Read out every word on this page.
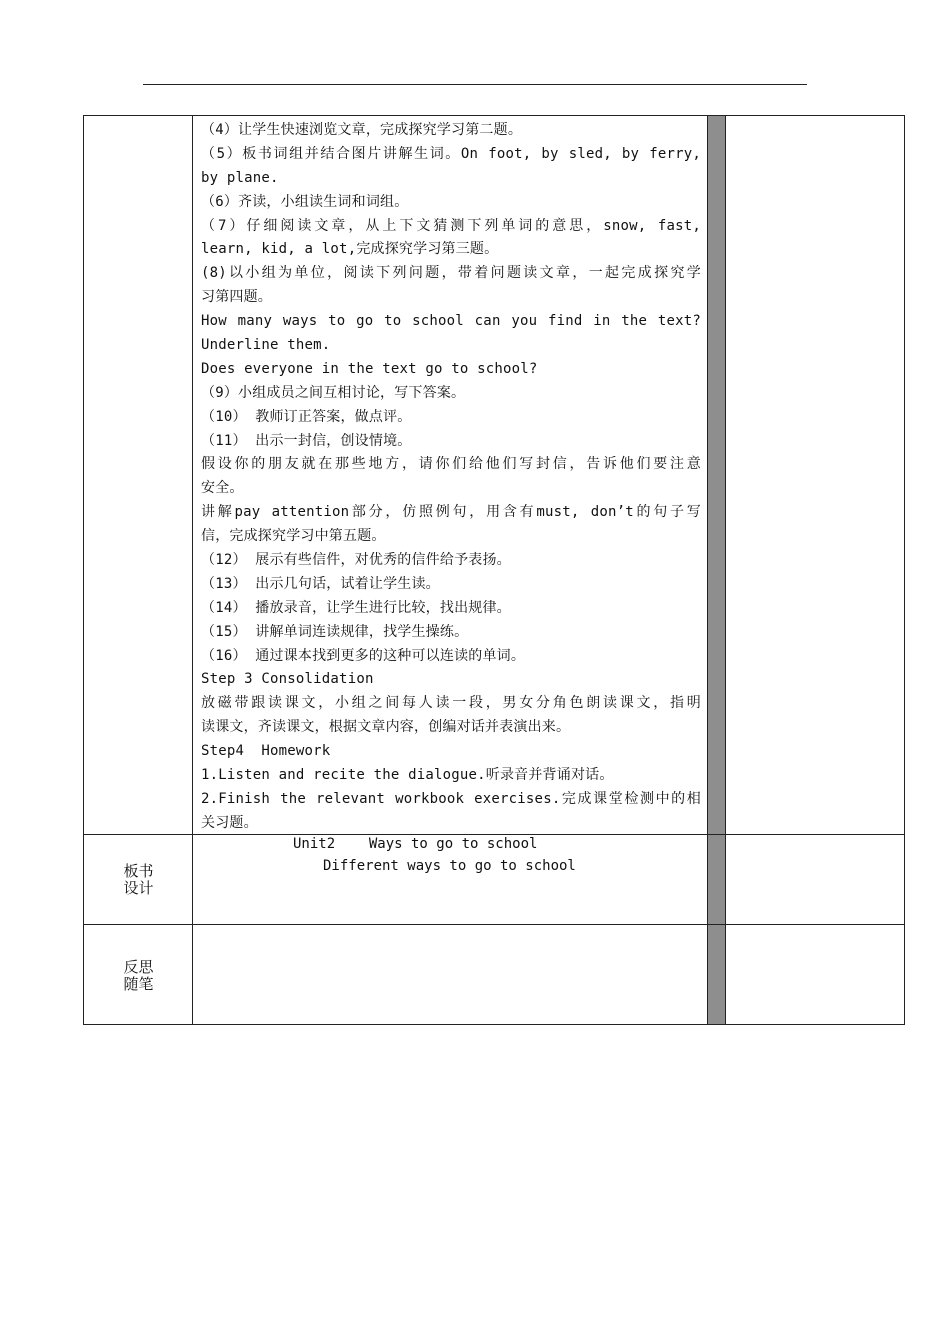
（4）让学生快速浏览文章，完成探究学习第二题。
（5）板书词组并结合图片讲解生词。On foot, by sled, by ferry,
by plane.
（6）齐读，小组读生词和词组。
（7）仔细阅读文章，从上下文猜测下列单词的意思，snow, fast,
learn, kid, a lot,完成探究学习第三题。
(8)以小组为单位，阅读下列问题，带着问题读文章，一起完成探究学
习第四题。
How many ways to go to school can you find in the text?
Underline them.
Does everyone in the text go to school?
（9）小组成员之间互相讨论，写下答案。
（10） 教师订正答案，做点评。
（11） 出示一封信，创设情境。
假设你的朋友就在那些地方，请你们给他们写封信，告诉他们要注意
安全。
讲解pay attention部分，仿照例句，用含有must, don’t的句子写
信，完成探究学习中第五题。
（12） 展示有些信件，对优秀的信件给予表扬。
（13） 出示几句话，试着让学生读。
（14） 播放录音，让学生进行比较，找出规律。
（15） 讲解单词连读规律，找学生操练。
（16） 通过课本找到更多的这种可以连读的单词。
Step 3 Consolidation
放磁带跟读课文，小组之间每人读一段，男女分角色朗读课文，指明
读课文，齐读课文，根据文章内容，创编对话并表演出来。
Step4  Homework
1.Listen and recite the dialogue.听录音并背诵对话。
2.Finish the relevant workbook exercises.完成课堂检测中的相
关习题。
板书
设计
Unit2    Ways to go to school
Different ways to go to school
反思
随笔
